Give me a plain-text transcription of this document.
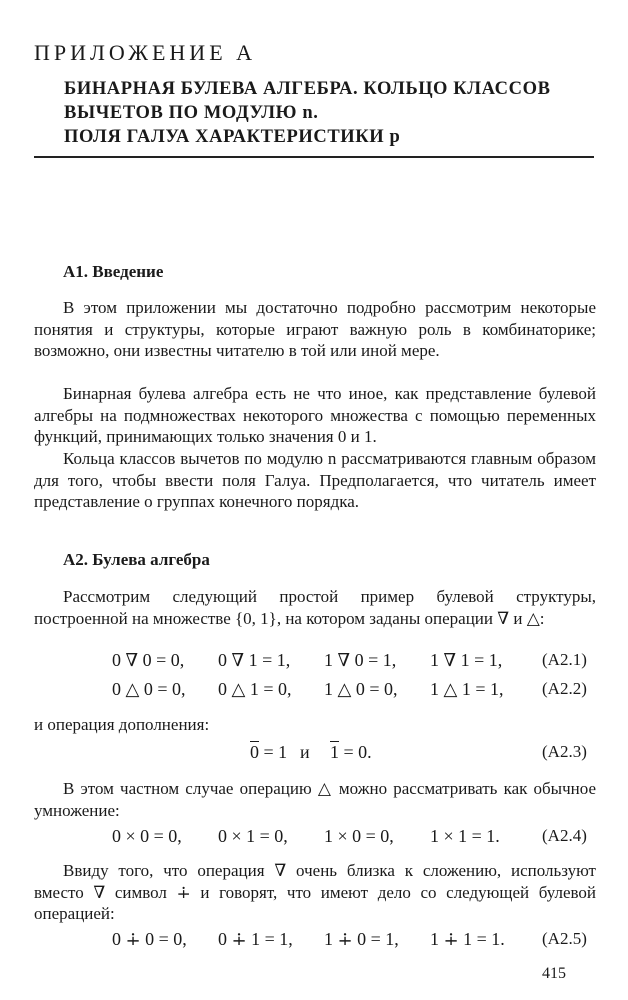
ПРИЛОЖЕНИЕ А
БИНАРНАЯ БУЛЕВА АЛГЕБРА. КОЛЬЦО КЛАССОВ
ВЫЧЕТОВ ПО МОДУЛЮ n.
ПОЛЯ ГАЛУА ХАРАКТЕРИСТИКИ p
A1. Введение

В этом приложении мы достаточно подробно рассмотрим некоторые понятия и структуры, которые играют важную роль в комбинаторике; возможно, они известны читателю в той или иной мере.

Бинарная булева алгебра есть не что иное, как представление булевой алгебры на подмножествах некоторого множества с помощью переменных функций, принимающих только значения 0 и 1.

Кольца классов вычетов по модулю n рассматриваются главным образом для того, чтобы ввести поля Галуа. Предполагается, что читатель имеет представление о группах конечного порядка.

A2. Булева алгебра

Рассмотрим следующий простой пример булевой структуры, построенной на множестве {0, 1}, на котором заданы операции ∇ и △:

0 ∇ 0 = 0, 0 ∇ 1 = 1, 1 ∇ 0 = 1, 1 ∇ 1 = 1, (A2.1)
0 △ 0 = 0, 0 △ 1 = 0, 1 △ 0 = 0, 1 △ 1 = 1, (A2.2)

и операция дополнения:

0 = 1 и 1 = 0.	(A2.3)

В этом частном случае операцию △ можно рассматривать как обычное умножение:

0 × 0 = 0, 0 × 1 = 0, 1 × 0 = 0, 1 × 1 = 1. (A2.4)

Ввиду того, что операция ∇ очень близка к сложению, используют вместо ∇ символ ∔ и говорят, что имеют дело со следующей булевой операцией:

0 ∔ 0 = 0, 0 ∔ 1 = 1, 1 ∔ 0 = 1, 1 ∔ 1 = 1. (A2.5)
415
